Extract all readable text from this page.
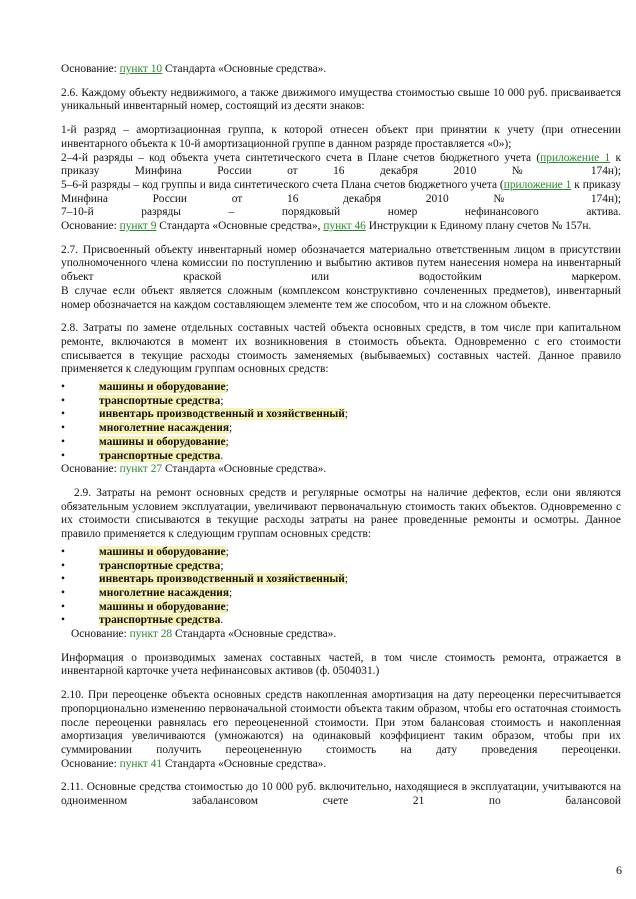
Основание: пункт 10 Стандарта «Основные средства».

2.6. Каждому объекту недвижимого, а также движимого имущества стоимостью свыше 10 000 руб. присваивается уникальный инвентарный номер, состоящий из десяти знаков:

1-й разряд – амортизационная группа, к которой отнесен объект при принятии к учету (при отнесении инвентарного объекта к 10-й амортизационной группе в данном разряде проставляется «0»);

2–4-й разряды – код объекта учета синтетического счета в Плане счетов бюджетного учета (приложение 1 к приказу Минфина России от 16 декабря 2010 № 174н);

5–6-й разряды – код группы и вида синтетического счета Плана счетов бюджетного учета (приложение 1 к приказу Минфина России от 16 декабря 2010 № 174н);

7–10-й разряды – порядковый номер нефинансового актива.

Основание: пункт 9 Стандарта «Основные средства», пункт 46 Инструкции к Единому плану счетов № 157н.

2.7. Присвоенный объекту инвентарный номер обозначается материально ответственным лицом в присутствии уполномоченного члена комиссии по поступлению и выбытию активов путем нанесения номера на инвентарный объект краской или водостойким маркером.

В случае если объект является сложным (комплексом конструктивно сочлененных предметов), инвентарный номер обозначается на каждом составляющем элементе тем же способом, что и на сложном объекте.

2.8. Затраты по замене отдельных составных частей объекта основных средств, в том числе при капитальном ремонте, включаются в момент их возникновения в стоимость объекта. Одновременно с его стоимости списывается в текущие расходы стоимость заменяемых (выбываемых) составных частей. Данное правило применяется к следующим группам основных средств:

•	машины и оборудование;
•	транспортные средства;
•	инвентарь производственный и хозяйственный;
•	многолетние насаждения;
•	машины и оборудование;
•	транспортные средства.

Основание: пункт 27 Стандарта «Основные средства».

2.9. Затраты на ремонт основных средств и регулярные осмотры на наличие дефектов, если они являются обязательным условием эксплуатации, увеличивают первоначальную стоимость таких объектов. Одновременно с их стоимости списываются в текущие расходы затраты на ранее проведенные ремонты и осмотры. Данное правило применяется к следующим группам основных средств:

•	машины и оборудование;
•	транспортные средства;
•	инвентарь производственный и хозяйственный;
•	многолетние насаждения;
•	машины и оборудование;
•	транспортные средства.

Основание: пункт 28 Стандарта «Основные средства».

Информация о производимых заменах составных частей, в том числе стоимость ремонта, отражается в инвентарной карточке учета нефинансовых активов (ф. 0504031.)

2.10. При переоценке объекта основных средств накопленная амортизация на дату переоценки пересчитывается пропорционально изменению первоначальной стоимости объекта таким образом, чтобы его остаточная стоимость после переоценки равнялась его переоцененной стоимости. При этом балансовая стоимость и накопленная амортизация увеличиваются (умножаются) на одинаковый коэффициент таким образом, чтобы при их суммировании получить переоцененную стоимость на дату проведения переоценки.

Основание: пункт 41 Стандарта «Основные средства».

2.11. Основные средства стоимостью до 10 000 руб. включительно, находящиеся в эксплуатации, учитываются на одноименном забалансовом счете 21 по балансовой

6
